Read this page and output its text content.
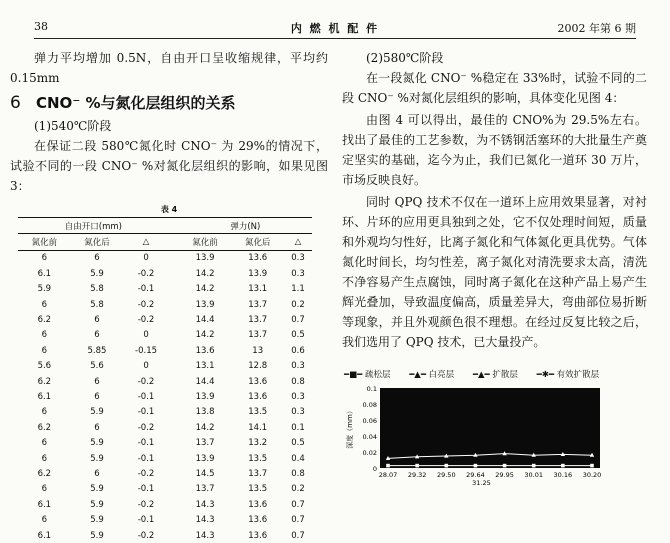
38	内 燃 机 配 件	2002 年第 6 期

弹力平均增加 0.5N，自由开口呈收缩规律，平均约 0.15mm

6 CNO⁻ %与氮化层组织的关系
(1)540℃阶段

在保证二段 580℃氮化时 CNO⁻ 为 29%的情况下，试验不同的一段 CNO⁻ %对氮化层组织的影响，如果见图 3：

表 4
自由开口(mm)				弹力(N)		
氮化前	氮化后	△		氮化前	氮化后	△
6	6	0		13.9	13.6	0.3
6.1	5.9	-0.2		14.2	13.9	0.3
5.9	5.8	-0.1		14.2	13.1	1.1
6	5.8	-0.2		13.9	13.7	0.2
6.2	6	-0.2		14.4	13.7	0.7
6	6	0		14.2	13.7	0.5
6	5.85	-0.15		13.6	13	0.6
5.6	5.6	0		13.1	12.8	0.3
6.2	6	-0.2		14.4	13.6	0.8
6.1	6	-0.1		13.9	13.6	0.3
6	5.9	-0.1		13.8	13.5	0.3
6.2	6	-0.2		14.2	14.1	0.1
6	5.9	-0.1		13.7	13.2	0.5
6	5.9	-0.1		13.9	13.5	0.4
6.2	6	-0.2		14.5	13.7	0.8
6	5.9	-0.1		13.7	13.5	0.2
6.1	5.9	-0.2		14.3	13.6	0.7
6	5.9	-0.1		14.3	13.6	0.7
6.1	5.9	-0.2		14.3	13.6	0.7
(2)580℃阶段

在一段氮化 CNO⁻ %稳定在 33%时，试验不同的二段 CNO⁻ %对氮化层组织的影响，具体变化见图 4：

由图 4 可以得出，最佳的 CNO%为 29.5%左右。找出了最佳的工艺参数，为不锈钢活塞环的大批量生产奠定坚实的基础，迄今为止，我们已氮化一道环 30 万片，市场反映良好。

同时 QPQ 技术不仅在一道环上应用效果显著，对衬环、片环的应用更具独到之处，它不仅处理时间短，质量和外观均匀性好，比离子氮化和气体氮化更具优势。气体氮化时间长，均匀性差，离子氮化对清洗要求太高，清洗不净容易产生点腐蚀，同时离子氮化在这种产品上易产生辉光叠加，导致温度偏高，质量差异大，弯曲部位易折断等现象，并且外观颜色很不理想。在经过反复比较之后，我们选用了 QPQ 技术，已大量投产。

━■━ 疏松层 ━▲━ 白亮层 ━▲━ 扩散层 ━✱━ 有效扩散层
0
0.02
0.04
0.06
0.08
0.1
深度（mm）
28.07 29.32 29.50 29.64 31.25
29.95 30.01 30.16 30.20
